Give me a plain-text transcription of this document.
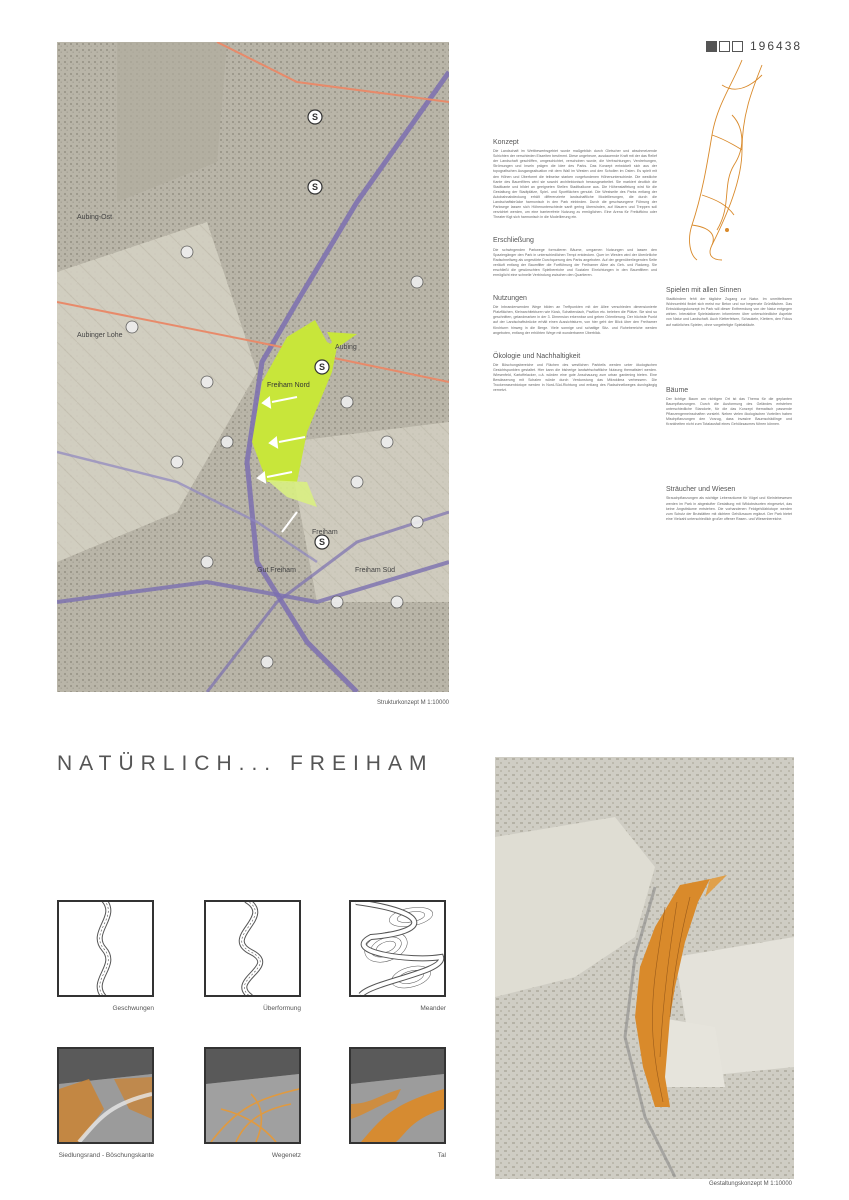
196438
S
S
S
S
Aubing-Ost
Aubinger Lohe
Aubing
Freiham Nord
Freiham
Gut Freiham	Freiham Süd
Strukturkonzept M 1:10000
Konzept

Die Landschaft im Wettbewerbsgebiet wurde maßgeblich durch Gletscher und abschmelzende Schichten der verschieden Eiszeiten bestimmt. Diese ungeheure, ausdauernde Kraft mit der das Relief der Landschaft geschliffen, umgeschichtet, verschoben wurde, die Verfrachtungen, Verdrehungen, Strömungen und Inseln prägen die Idee des Parks. Das Konzept entwickelt sich aus der topografischen Ausgangssituation mit dem Wall im Westen und den Schollen im Osten. Es spielt mit den Höhen und Überformt die teilweise starken vorgefundenen Höhenunterschiede. Die westliche Kante des Baumfilters wird sie sowohl architektonisch herausgearbeitet. Sie markiert deutlich die Stadtkante und bildet an geeigneten Stellen Stadtbalkone aus. Die Höhenstaffelung wird für die Gestaltung der Stadtplätze, Spiel- und Sportflächen genutzt. Die Westseite des Parks entlang der Autobahnabdeckung erhält differenzierte landschaftliche Modellierungen, die durch die Landschaftsbrücke harmonisch in den Park einbinden. Durch die geschwungene Führung der Parkwege lassen sich Höhenunterschiede sanft gering überwinden, auf Mauern und Treppen soll verzichtet werden, um eine barrierefreie Nutzung zu ermöglichen. Eine Arena für Freiluftkino oder Theater fügt sich harmonisch in die Modellierung ein.

Erschließung

Die schwingenden Parkwege formulieren Bäume, umgarnen Nutzungen und lassen den Spaziergänger den Park in unterschiedlichen Tempi entdecken. Quer im Westen wird der überörtliche Radschnellweg als ungestörte Durchquerung des Parks angeboten. Auf der gegenüberliegenden Seite verläuft entlang der Baumfilter die Fortführung der Freihamer Allee als Geh- und Radweg. Sie erschließt die gewünschten Spielbereiche und Sozialen Einrichtungen in den Baumfiltern und ermöglicht eine schnelle Verbindung zwischen den Quartieren.

Nutzungen

Die Inbranderwenden Wege bilden an Treffpunkten mit der Allee verschieden dimensionierte Platzflächen, Kleinarchitekturen wie Kiosk, Schattendach, Pavillon etc. beleben die Plätze. Sie sind so geschnitten, gelandmarken in der 3. Dimension erkennbar und geben Orientierung. Der höchste Punkt auf der Landschaftsbrücke erhält einen Aussichtsturm, von hier geht der Blick über den Freihamer Kirchturm hinweg in die Berge. Viele sonnige und schattige Sitz- und Ruhebereiche werden angeboten, entlang der erhöhten Wege mit wunderbarem Überblick.

Ökologie und Nachhaltigkeit

Die Böschungsbereiche und Flächen des westlichen Parkteils werden unter ökologischen Gesichtspunkten gestaltet. Hier kann die bisherige landwirtschaftliche Nutzung thematisiert werden. Wiesenfeld, Kartoffelacker, o.ä. würden eine gute Anschauung zum urban gardening bieten. Eine Bewässerung mit Schalen würde durch Verdunstung das Mikroklima verbessern. Die Trockenrasenbiotope werden in Nord-Süd-Richtung und entlang des Radschnellweges durchgängig vernetzt.

Spielen mit allen Sinnen

Stadtkindern fehlt der tägliche Zugang zur Natur. Im unmittelbaren Wohnumfeld findet sich meist nur Beton und nur begrenzte Grünflächen. Das Entwicklungskonzept im Park will dieser Entfremdung von der Natur entgegen wirken. Interaktive Spielstationen informieren über unterschiedliche Aspekte von Natur und Landschaft. Auch Kletterfelsen, Schaukeln, Klettern, den Fokus auf natürliches Spielen, ohne vorgefertigte Spielabläufe.

Bäume

Der lichtige Baum am richtigen Ort ist das Thema für die geplanten Baumpflanzungen. Durch die Ausformung des Geländes entstehen unterschiedliche Standorte, für die das Konzept thematisch passende Pflanzengemeinschaften vorsieht. Neben vielen ökologischen Vorteilen haben Mischpflanzungen den Vorzug, dass invasive Baumschädlinge und Krankheiten nicht zum Totalausfall eines Gehölzsaumes führen können.

Sträucher und Wiesen

Strauchpflanzungen als wichtige Lebensräume für Vögel und Kleinlebewesen werden im Park in abgestufter Gestaltung mit Wildobstsorten eingesetzt, das keine Angstträume entstehen. Die vorhandenen Feldgehölzbiotope werden zum Schutz der Brutstätten mit dichtem Gehölzsaum ergänzt. Der Park bietet eine Vielzahl unterschiedlich großer offener Rasen- und Wiesenbereiche.

NATÜRLICH... FREIHAM
Gestaltungskonzept M 1:10000
Geschwungen	Überformung	Meander
Siedlungsrand - Böschungskante	Wegenetz	Tal
